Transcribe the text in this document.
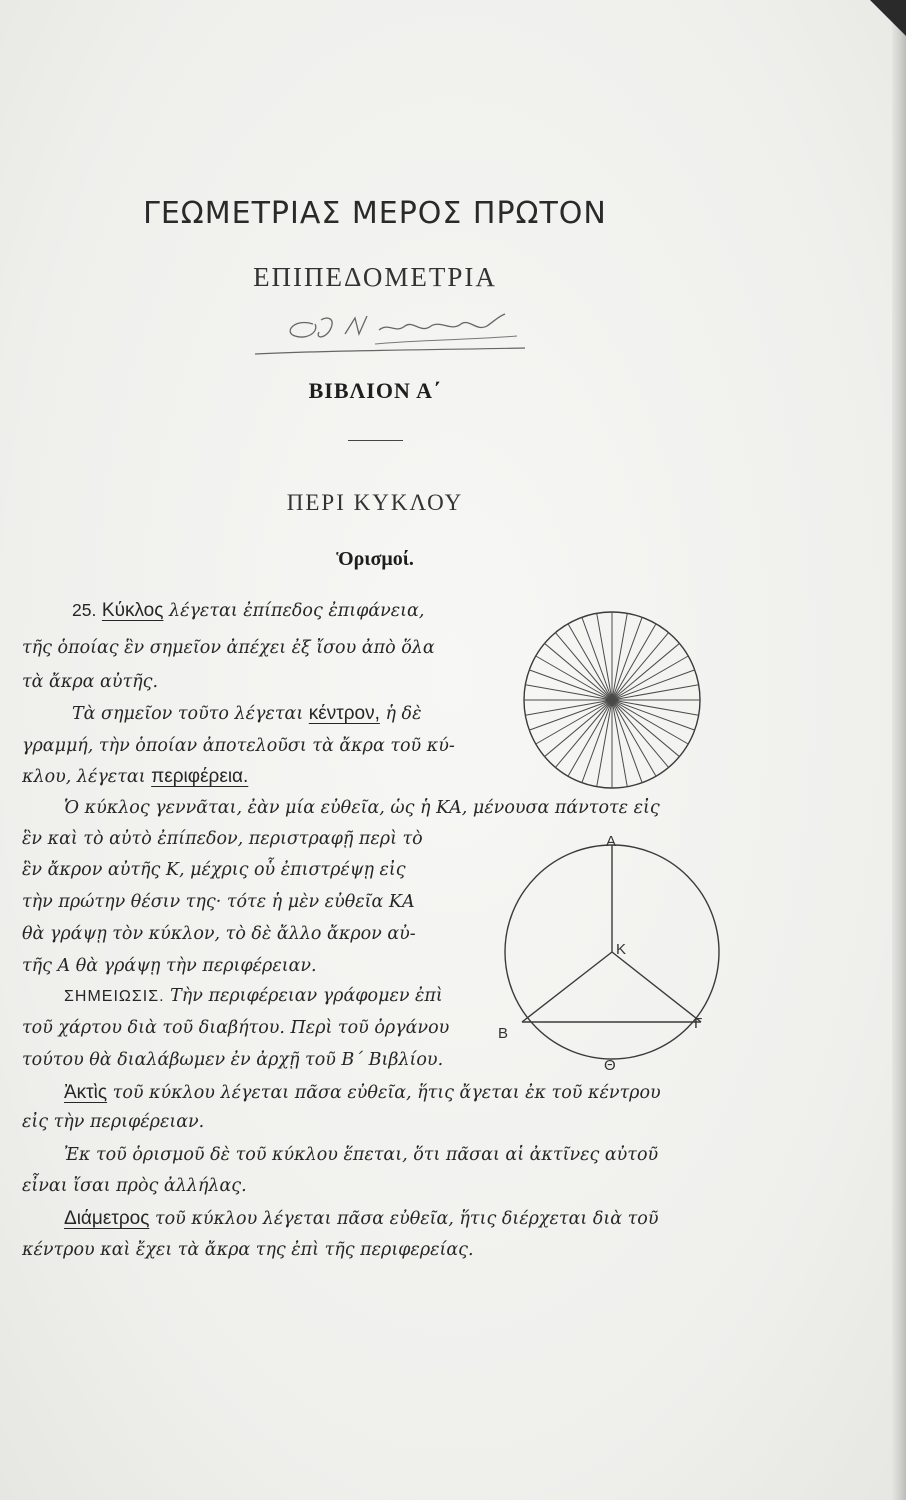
ΓΕΩΜΕΤΡΙΑΣ ΜΕΡΟΣ ΠΡΩΤΟΝ
ΕΠΙΠΕΔΟΜΕΤΡΙΑ
ΒΙΒΛΙΟΝ Α΄
ΠΕΡΙ ΚΥΚΛΟΥ
Ὁρισμοί.
25. Κύκλος λέγεται ἐπίπεδος ἐπιφάνεια,
τῆς ὁποίας ἓν σημεῖον ἀπέχει ἐξ ἴσου ἀπὸ ὅλα
τὰ ἄκρα αὐτῆς.
Τὰ σημεῖον τοῦτο λέγεται κέντρον, ἡ δὲ
γραμμή, τὴν ὁποίαν ἀποτελοῦσι τὰ ἄκρα τοῦ κύ-
κλου, λέγεται περιφέρεια.
Ὁ κύκλος γεννᾶται, ἐὰν μία εὐθεῖα, ὡς ἡ ΚΑ, μένουσα πάντοτε εἰς
ἓν καὶ τὸ αὐτὸ ἐπίπεδον, περιστραφῇ περὶ τὸ
ἓν ἄκρον αὐτῆς Κ, μέχρις οὗ ἐπιστρέψῃ εἰς
τὴν πρώτην θέσιν της· τότε ἡ μὲν εὐθεῖα ΚΑ
θὰ γράψῃ τὸν κύκλον, τὸ δὲ ἄλλο ἄκρον αὐ-
τῆς Α θὰ γράψῃ τὴν περιφέρειαν.
ΣΗΜΕΙΩΣΙΣ. Τὴν περιφέρειαν γράφομεν ἐπὶ
τοῦ χάρτου διὰ τοῦ διαβήτου. Περὶ τοῦ ὀργάνου
τούτου θὰ διαλάβωμεν ἐν ἀρχῇ τοῦ Β΄ Βιβλίου.
Ἀκτὶς τοῦ κύκλου λέγεται πᾶσα εὐθεῖα, ἥτις ἄγεται ἐκ τοῦ κέντρου
εἰς τὴν περιφέρειαν.
Ἐκ τοῦ ὁρισμοῦ δὲ τοῦ κύκλου ἕπεται, ὅτι πᾶσαι αἱ ἀκτῖνες αὐτοῦ
εἶναι ἴσαι πρὸς ἀλλήλας.
Διάμετρος τοῦ κύκλου λέγεται πᾶσα εὐθεῖα, ἥτις διέρχεται διὰ τοῦ
κέντρου καὶ ἔχει τὰ ἄκρα της ἐπὶ τῆς περιφερείας.
Α
Κ
Β
Γ
Θ
